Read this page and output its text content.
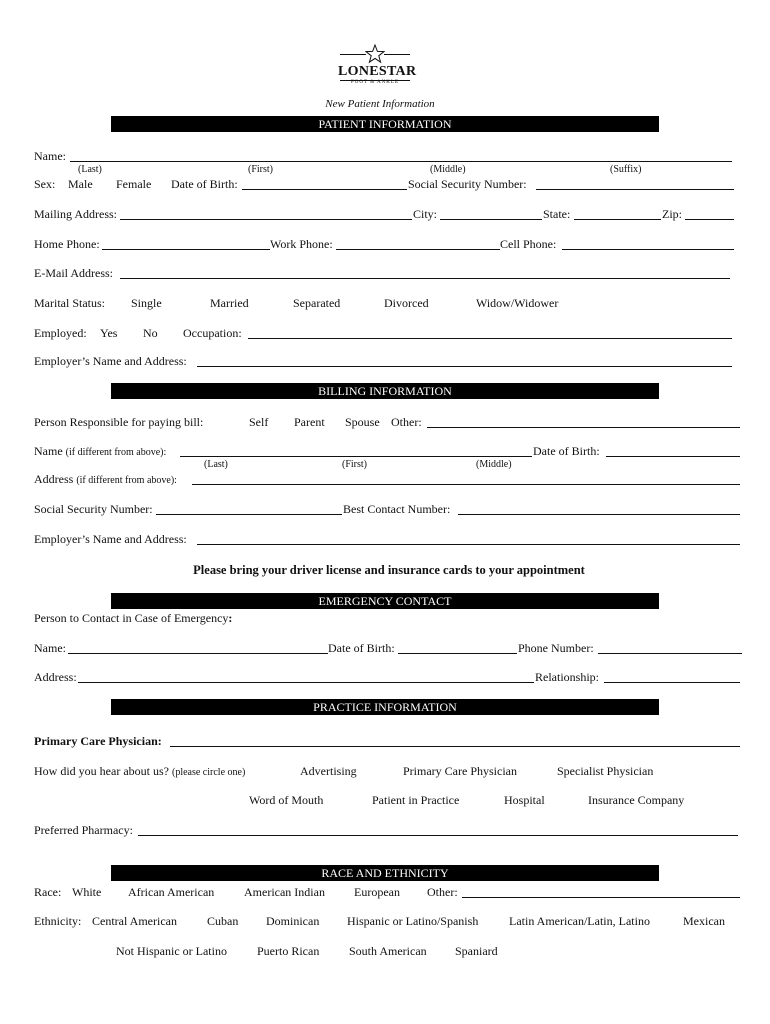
LONESTAR
FOOT & ANKLE
New Patient Information
PATIENT INFORMATION
Name:
(Last)	(First)	(Middle)	(Suffix)
Sex: Male Female Date of Birth:	Social Security Number:
Mailing Address:	City:	State:	Zip:
Home Phone:	Work Phone:	Cell Phone:
E-Mail Address:
Marital Status: Single	Married	Separated	Divorced	Widow/Widower
Employed: Yes No Occupation:
Employer’s Name and Address:
BILLING INFORMATION
Person Responsible for paying bill:	Self Parent Spouse Other:
Name (if different from above):	Date of Birth:
(Last)	(First)	(Middle)
Address (if different from above):
Social Security Number:	Best Contact Number:
Employer’s Name and Address:
Please bring your driver license and insurance cards to your appointment
EMERGENCY CONTACT
Person to Contact in Case of Emergency:
Name:	Date of Birth:	Phone Number:
Address:	Relationship:
PRACTICE INFORMATION
Primary Care Physician:
How did you hear about us? (please circle one)	Advertising	Primary Care Physician	Specialist Physician
Word of Mouth	Patient in Practice	Hospital	Insurance Company
Preferred Pharmacy:
RACE AND ETHNICITY
Race: White African American American Indian European Other:
Ethnicity: Central American	Cuban Dominican Hispanic or Latino/Spanish	Latin American/Latin, Latino	Mexican
Not Hispanic or Latino	Puerto Rican South American Spaniard
